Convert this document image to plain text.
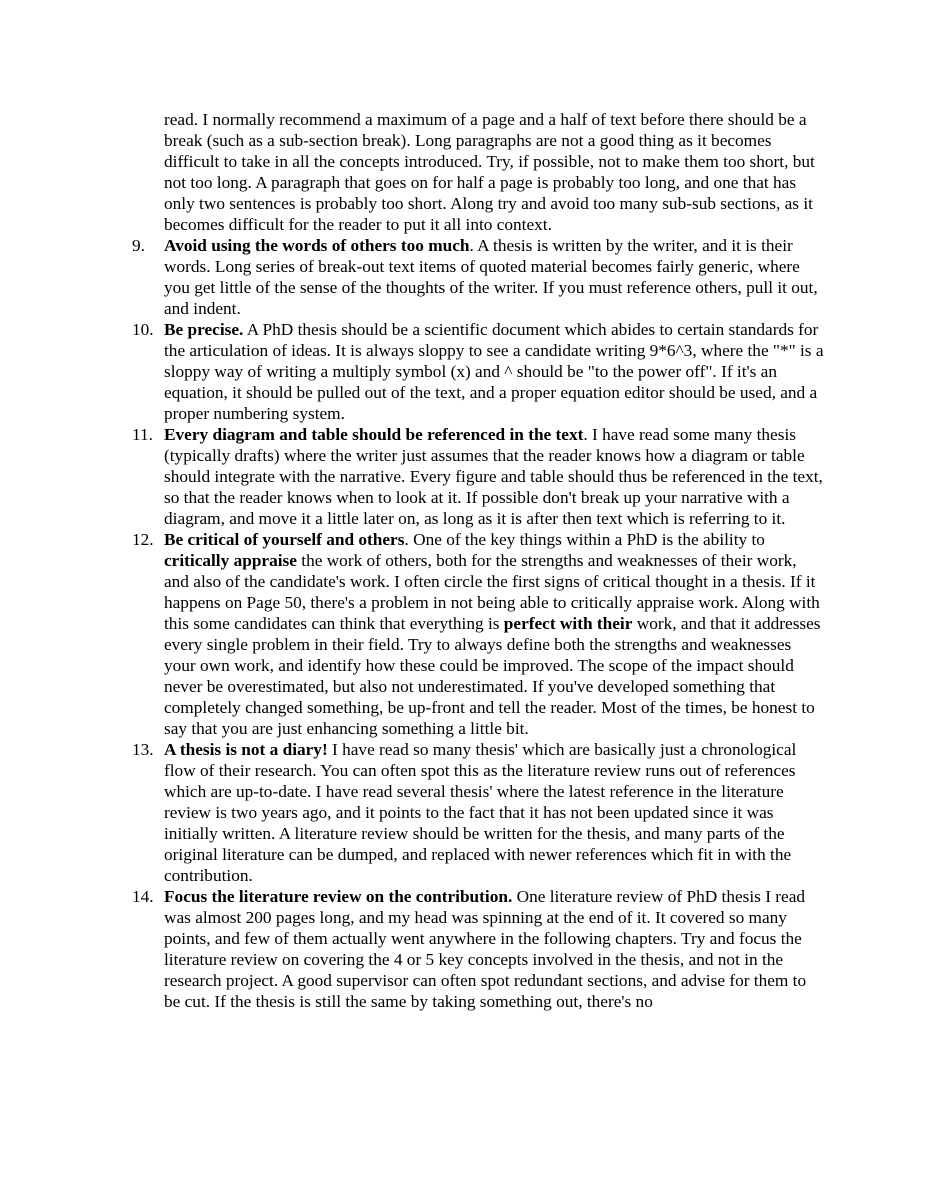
read. I normally recommend a maximum of a page and a half of text before there should be a break (such as a sub-section break). Long paragraphs are not a good thing as it becomes difficult to take in all the concepts introduced. Try, if possible, not to make them too short, but not too long. A paragraph that goes on for half a page is probably too long, and one that has only two sentences is probably too short. Along try and avoid too many sub-sub sections, as it becomes difficult for the reader to put it all into context.

9.	Avoid using the words of others too much. A thesis is written by the writer, and it is their words. Long series of break-out text items of quoted material becomes fairly generic, where you get little of the sense of the thoughts of the writer. If you must reference others, pull it out, and indent.
10. Be precise. A PhD thesis should be a scientific document which abides to certain standards for the articulation of ideas. It is always sloppy to see a candidate writing 9*6^3, where the "*" is a sloppy way of writing a multiply symbol (x) and ^ should be "to the power off". If it's an equation, it should be pulled out of the text, and a proper equation editor should be used, and a proper numbering system.
11. Every diagram and table should be referenced in the text. I have read some many thesis (typically drafts) where the writer just assumes that the reader knows how a diagram or table should integrate with the narrative. Every figure and table should thus be referenced in the text, so that the reader knows when to look at it. If possible don't break up your narrative with a diagram, and move it a little later on, as long as it is after then text which is referring to it.
12. Be critical of yourself and others. One of the key things within a PhD is the ability to critically appraise the work of others, both for the strengths and weaknesses of their work, and also of the candidate's work. I often circle the first signs of critical thought in a thesis. If it happens on Page 50, there's a problem in not being able to critically appraise work. Along with this some candidates can think that everything is perfect with their work, and that it addresses every single problem in their field. Try to always define both the strengths and weaknesses your own work, and identify how these could be improved. The scope of the impact should never be overestimated, but also not underestimated. If you've developed something that completely changed something, be up-front and tell the reader. Most of the times, be honest to say that you are just enhancing something a little bit.
13. A thesis is not a diary! I have read so many thesis' which are basically just a chronological flow of their research. You can often spot this as the literature review runs out of references which are up-to-date. I have read several thesis' where the latest reference in the literature review is two years ago, and it points to the fact that it has not been updated since it was initially written. A literature review should be written for the thesis, and many parts of the original literature can be dumped, and replaced with newer references which fit in with the contribution.
14. Focus the literature review on the contribution. One literature review of PhD thesis I read was almost 200 pages long, and my head was spinning at the end of it. It covered so many points, and few of them actually went anywhere in the following chapters. Try and focus the literature review on covering the 4 or 5 key concepts involved in the thesis, and not in the research project. A good supervisor can often spot redundant sections, and advise for them to be cut. If the thesis is still the same by taking something out, there's no
